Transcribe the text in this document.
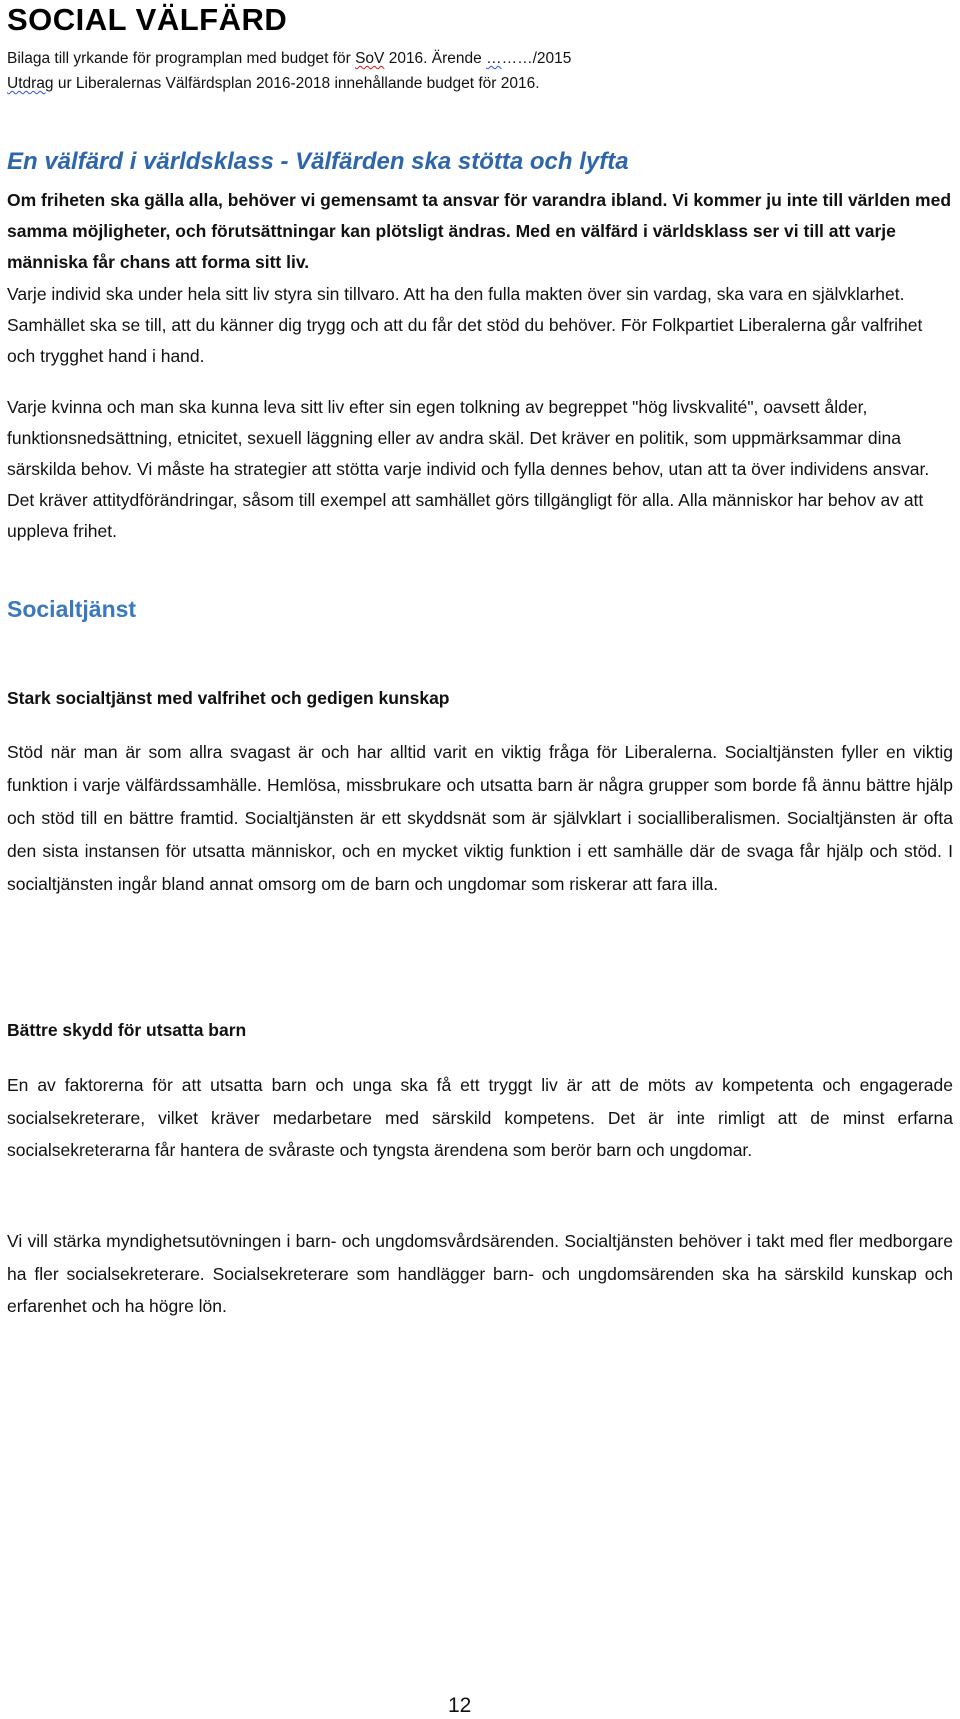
SOCIAL VÄLFÄRD
Bilaga till yrkande för programplan med budget för SoV 2016. Ärende ………/2015
Utdrag ur Liberalernas Välfärdsplan 2016-2018 innehållande budget för 2016.
En välfärd i världsklass - Välfärden ska stötta och lyfta

Om friheten ska gälla alla, behöver vi gemensamt ta ansvar för varandra ibland. Vi kommer ju inte till världen med samma möjligheter, och förutsättningar kan plötsligt ändras. Med en välfärd i världsklass ser vi till att varje människa får chans att forma sitt liv.

Varje individ ska under hela sitt liv styra sin tillvaro. Att ha den fulla makten över sin vardag, ska vara en självklarhet. Samhället ska se till, att du känner dig trygg och att du får det stöd du behöver. För Folkpartiet Liberalerna går valfrihet och trygghet hand i hand.

Varje kvinna och man ska kunna leva sitt liv efter sin egen tolkning av begreppet "hög livskvalité", oavsett ålder, funktionsnedsättning, etnicitet, sexuell läggning eller av andra skäl. Det kräver en politik, som uppmärksammar dina särskilda behov. Vi måste ha strategier att stötta varje individ och fylla dennes behov, utan att ta över individens ansvar. Det kräver attitydförändringar, såsom till exempel att samhället görs tillgängligt för alla. Alla människor har behov av att uppleva frihet.

Socialtjänst
Stark socialtjänst med valfrihet och gedigen kunskap

Stöd när man är som allra svagast är och har alltid varit en viktig fråga för Liberalerna. Socialtjänsten fyller en viktig funktion i varje välfärdssamhälle. Hemlösa, missbrukare och utsatta barn är några grupper som borde få ännu bättre hjälp och stöd till en bättre framtid. Socialtjänsten är ett skyddsnät som är självklart i socialliberalismen. Socialtjänsten är ofta den sista instansen för utsatta människor, och en mycket viktig funktion i ett samhälle där de svaga får hjälp och stöd. I socialtjänsten ingår bland annat omsorg om de barn och ungdomar som riskerar att fara illa.

Bättre skydd för utsatta barn

En av faktorerna för att utsatta barn och unga ska få ett tryggt liv är att de möts av kompetenta och engagerade socialsekreterare, vilket kräver medarbetare med särskild kompetens. Det är inte rimligt att de minst erfarna socialsekreterarna får hantera de svåraste och tyngsta ärendena som berör barn och ungdomar.

Vi vill stärka myndighetsutövningen i barn- och ungdomsvårdsärenden. Socialtjänsten behöver i takt med fler medborgare ha fler socialsekreterare. Socialsekreterare som handlägger barn- och ungdomsärenden ska ha särskild kunskap och erfarenhet och ha högre lön.

12
